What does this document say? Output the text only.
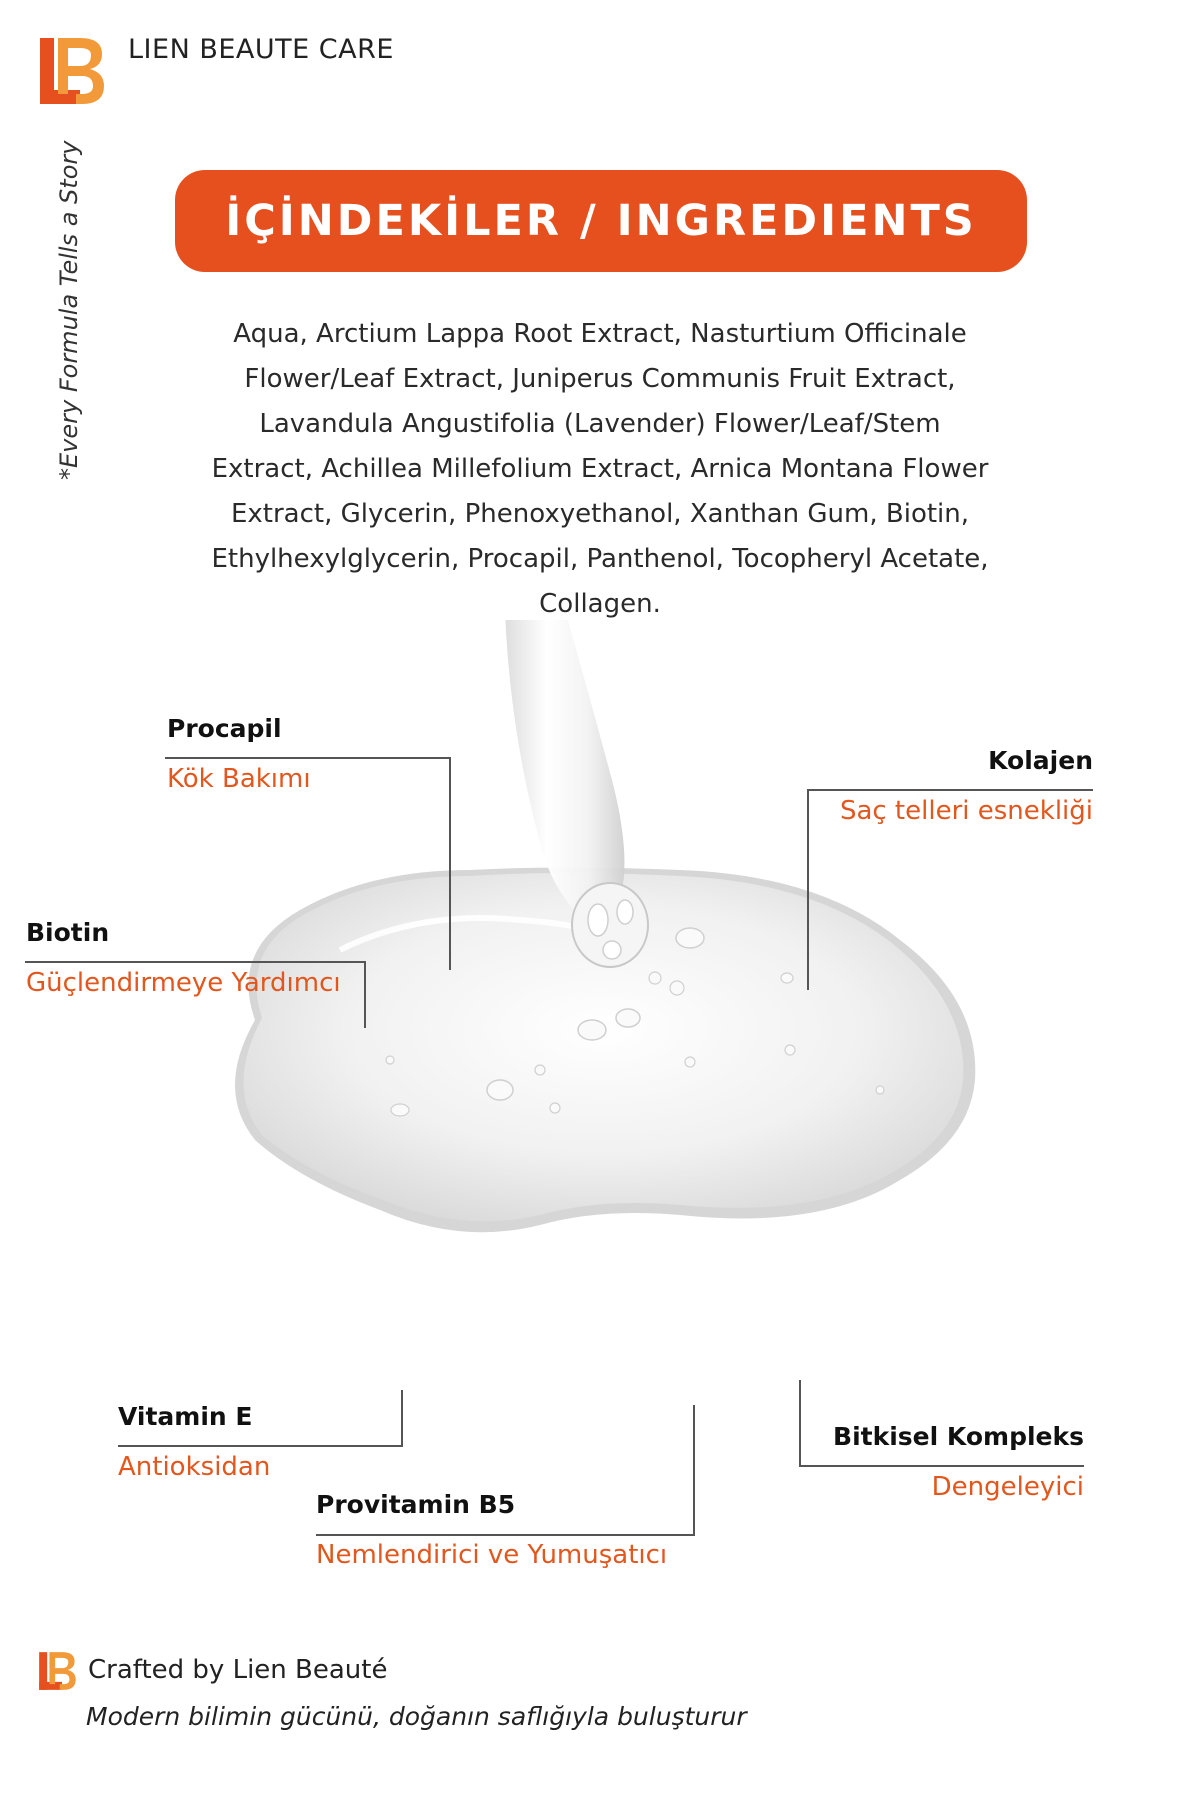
LIEN BEAUTE CARE
*Every Formula Tells a Story	İÇİNDEKİLER / INGREDIENTS
Aqua, Arctium Lappa Root Extract, Nasturtium Officinale
Flower/Leaf Extract, Juniperus Communis Fruit Extract,
Lavandula Angustifolia (Lavender) Flower/Leaf/Stem
Extract, Achillea Millefolium Extract, Arnica Montana Flower
Extract, Glycerin, Phenoxyethanol, Xanthan Gum, Biotin,
Ethylhexylglycerin, Procapil, Panthenol, Tocopheryl Acetate,
Collagen.
Procapil
Kök Bakımı
Kolajen
Saç telleri esnekliği
Biotin
Güçlendirmeye Yardımcı
Vitamin E
Antioksidan
Provitamin B5
Nemlendirici ve Yumuşatıcı
Bitkisel Kompleks
Dengeleyici
Crafted by Lien Beauté
Modern bilimin gücünü, doğanın saflığıyla buluşturur
